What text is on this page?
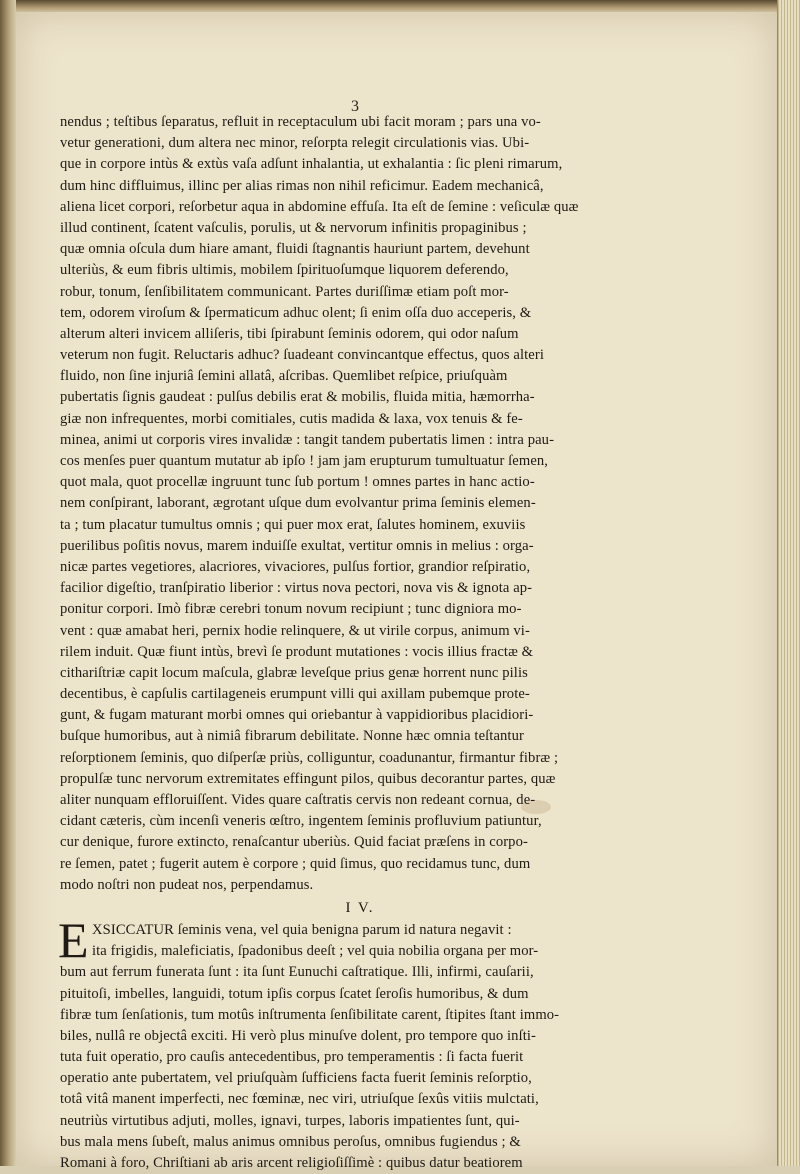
3
nendus ; teſtibus ſeparatus, refluit in receptaculum ubi facit moram ; pars una vo-
vetur generationi, dum altera nec minor, reſorpta relegit circulationis vias. Ubi-
que in corpore intùs & extùs vaſa adſunt inhalantia, ut exhalantia : ſic pleni rimarum,
dum hinc diffluimus, illinc per alias rimas non nihil reficimur. Eadem mechanicâ,
aliena licet corpori, reſorbetur aqua in abdomine effuſa. Ita eſt de ſemine : veſiculæ quæ
illud continent, ſcatent vaſculis, porulis, ut & nervorum infinitis propaginibus ;
quæ omnia oſcula dum hiare amant, fluidi ſtagnantis hauriunt partem, devehunt
ulteriùs, & eum fibris ultimis, mobilem ſpirituoſumque liquorem deferendo,
robur, tonum, ſenſibilitatem communicant. Partes duriſſimæ etiam poſt mor-
tem, odorem viroſum & ſpermaticum adhuc olent; ſi enim oſſa duo acceperis, &
alterum alteri invicem alliſeris, tibi ſpirabunt ſeminis odorem, qui odor naſum
veterum non fugit. Reluctaris adhuc? ſuadeant convincantque effectus, quos alteri
fluido, non ſine injuriâ ſemini allatâ, aſcribas. Quemlibet reſpice, priuſquàm
pubertatis ſignis gaudeat : pulſus debilis erat & mobilis, fluida mitia, hæmorrha-
giæ non infrequentes, morbi comitiales, cutis madida & laxa, vox tenuis & fe-
minea, animi ut corporis vires invalidæ : tangit tandem pubertatis limen : intra pau-
cos menſes puer quantum mutatur ab ipſo ! jam jam erupturum tumultuatur ſemen,
quot mala, quot procellæ ingruunt tunc ſub portum ! omnes partes in hanc actio-
nem conſpirant, laborant, ægrotant uſque dum evolvantur prima ſeminis elemen-
ta ; tum placatur tumultus omnis ; qui puer mox erat, ſalutes hominem, exuviis
puerilibus poſitis novus, marem induiſſe exultat, vertitur omnis in melius : orga-
nicæ partes vegetiores, alacriores, vivaciores, pulſus fortior, grandior reſpiratio,
facilior digeſtio, tranſpiratio liberior : virtus nova pectori, nova vis & ignota ap-
ponitur corpori. Imò fibræ cerebri tonum novum recipiunt ; tunc digniora mo-
vent : quæ amabat heri, pernix hodie relinquere, & ut virile corpus, animum vi-
rilem induit. Quæ fiunt intùs, brevì ſe produnt mutationes : vocis illius fractæ &
cithariſtriæ capit locum maſcula, glabræ leveſque prius genæ horrent nunc pilis
decentibus, è capſulis cartilageneis erumpunt villi qui axillam pubemque prote-
gunt, & fugam maturant morbi omnes qui oriebantur à vappidioribus placidiori-
buſque humoribus, aut à nimiâ fibrarum debilitate. Nonne hæc omnia teſtantur
reſorptionem ſeminis, quo diſperſæ priùs, colliguntur, coadunantur, firmantur fibræ ;
propulſæ tunc nervorum extremitates effingunt pilos, quibus decorantur partes, quæ
aliter nunquam effloruiſſent. Vides quare caſtratis cervis non redeant cornua, de-
cidant cæteris, cùm incenſi veneris œſtro, ingentem ſeminis profluvium patiuntur,
cur denique, furore extincto, renaſcantur uberiùs. Quid faciat præſens in corpo-
re ſemen, patet ; fugerit autem è corpore ; quid ſimus, quo recidamus tunc, dum
modo noſtri non pudeat nos, perpendamus.
I V.
E XSICCATUR ſeminis vena, vel quia benigna parum id natura negavit :
ita frigidis, maleficiatis, ſpadonibus deeſt ; vel quia nobilia organa per mor-
bum aut ferrum funerata ſunt : ita ſunt Eunuchi caſtratique. Illi, infirmi, cauſarii,
pituitoſi, imbelles, languidi, totum ipſis corpus ſcatet ſeroſis humoribus, & dum
fibræ tum ſenſationis, tum motûs inſtrumenta ſenſibilitate carent, ſtipites ſtant immo-
biles, nullâ re objectâ exciti. Hi verò plus minuſve dolent, pro tempore quo inſti-
tuta fuit operatio, pro cauſis antecedentibus, pro temperamentis : ſi facta fuerit
operatio ante pubertatem, vel priuſquàm ſufficiens facta fuerit ſeminis reſorptio,
totâ vitâ manent imperfecti, nec fœminæ, nec viri, utriuſque ſexûs vitiis mulctati,
neutriùs virtutibus adjuti, molles, ignavi, turpes, laboris impatientes ſunt, qui-
bus mala mens ſubeſt, malus animus omnibus peroſus, omnibus fugiendus ; &
Romani à foro, Chriſtiani ab aris arcent religioſiſſimè : quibus datur beatiorem
